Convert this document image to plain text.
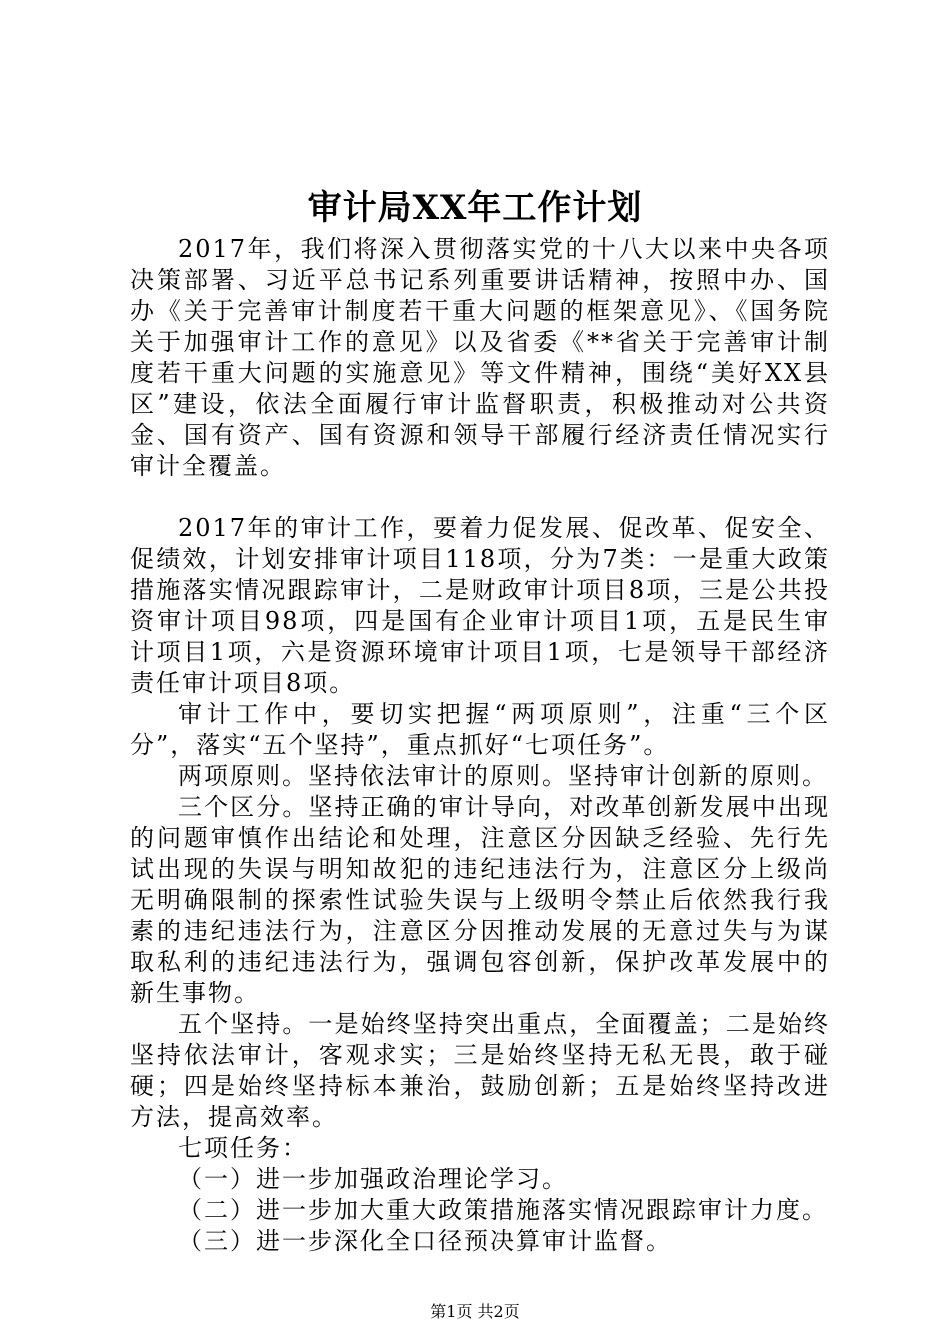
审计局XX年工作计划

2017年，我们将深入贯彻落实党的十八大以来中央各项决策部署、习近平总书记系列重要讲话精神，按照中办、国办《关于完善审计制度若干重大问题的框架意见》、《国务院关于加强审计工作的意见》以及省委《**省关于完善审计制度若干重大问题的实施意见》等文件精神，围绕“美好XX县区”建设，依法全面履行审计监督职责，积极推动对公共资金、国有资产、国有资源和领导干部履行经济责任情况实行审计全覆盖。

2017年的审计工作，要着力促发展、促改革、促安全、促绩效，计划安排审计项目118项，分为7类：一是重大政策措施落实情况跟踪审计，二是财政审计项目8项，三是公共投资审计项目98项，四是国有企业审计项目1项，五是民生审计项目1项，六是资源环境审计项目1项，七是领导干部经济责任审计项目8项。

审计工作中，要切实把握“两项原则”，注重“三个区分”，落实“五个坚持”，重点抓好“七项任务”。

两项原则。坚持依法审计的原则。坚持审计创新的原则。

三个区分。坚持正确的审计导向，对改革创新发展中出现的问题审慎作出结论和处理，注意区分因缺乏经验、先行先试出现的失误与明知故犯的违纪违法行为，注意区分上级尚无明确限制的探索性试验失误与上级明令禁止后依然我行我素的违纪违法行为，注意区分因推动发展的无意过失与为谋取私利的违纪违法行为，强调包容创新，保护改革发展中的新生事物。

五个坚持。一是始终坚持突出重点，全面覆盖；二是始终坚持依法审计，客观求实；三是始终坚持无私无畏，敢于碰硬；四是始终坚持标本兼治，鼓励创新；五是始终坚持改进方法，提高效率。

七项任务：

（一）进一步加强政治理论学习。

（二）进一步加大重大政策措施落实情况跟踪审计力度。

（三）进一步深化全口径预决算审计监督。

第1页 共2页
